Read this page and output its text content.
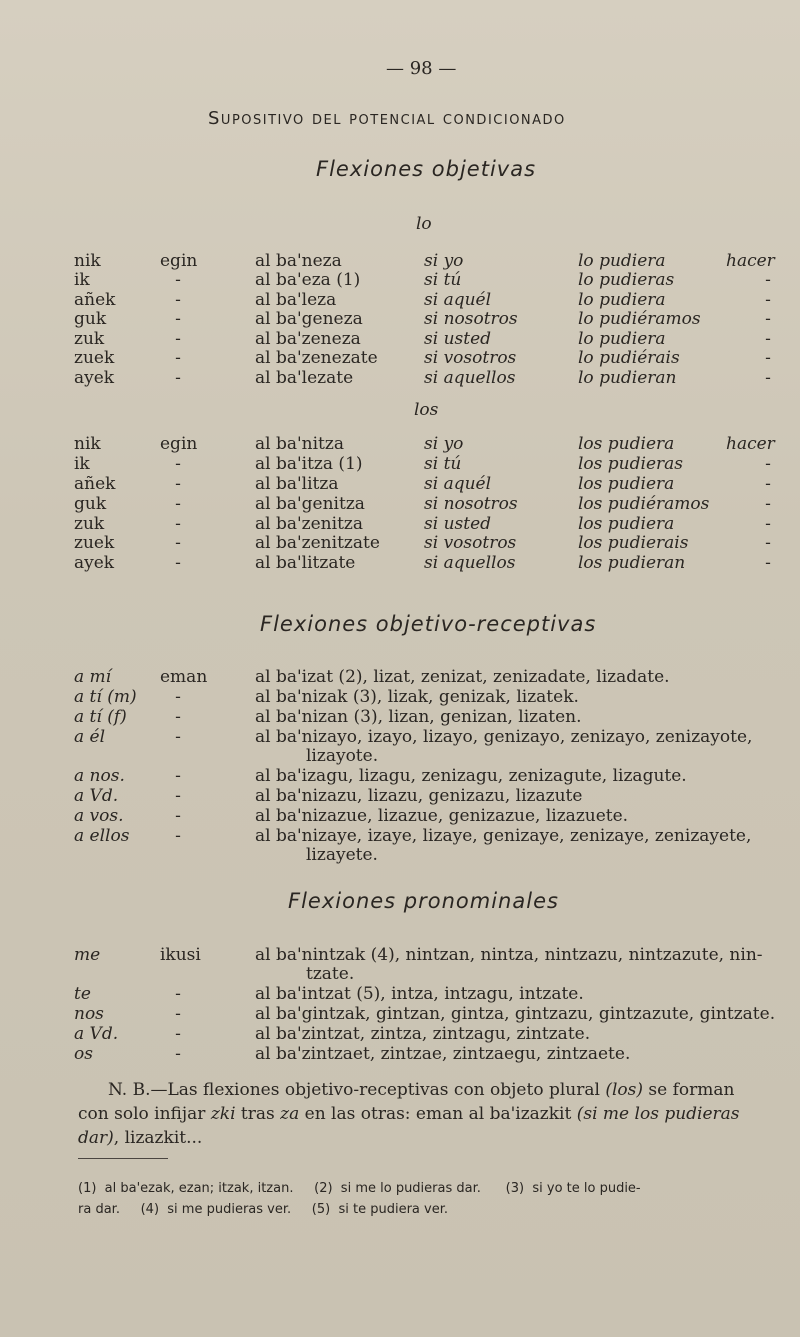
— 98 —
Supositivo del potencial condicionado
Flexiones objetivas
lo
nik	egin	al ba'neza	si yo	lo pudiera	hacer
ik	-	al ba'eza (1)	si tú	lo pudieras	-
añek	-	al ba'leza	si aquél	lo pudiera	-
guk	-	al ba'geneza	si nosotros	lo pudiéramos	-
zuk	-	al ba'zeneza	si usted	lo pudiera	-
zuek	-	al ba'zenezate	si vosotros	lo pudiérais	-
ayek	-	al ba'lezate	si aquellos	lo pudieran	-
los
nik	egin	al ba'nitza	si yo	los pudiera	hacer
ik	-	al ba'itza (1)	si tú	los pudieras	-
añek	-	al ba'litza	si aquél	los pudiera	-
guk	-	al ba'genitza	si nosotros	los pudiéramos	-
zuk	-	al ba'zenitza	si usted	los pudiera	-
zuek	-	al ba'zenitzate	si vosotros	los pudierais	-
ayek	-	al ba'litzate	si aquellos	los pudieran	-
Flexiones objetivo-receptivas
a mí	eman	al ba'izat (2), lizat, zenizat, zenizadate, lizadate.
a tí (m)	-	al ba'nizak (3), lizak, genizak, lizatek.
a tí (f)	-	al ba'nizan (3), lizan, genizan, lizaten.
a él	-	al ba'nizayo, izayo, lizayo, genizayo, zenizayo, zenizayote,
lizayote.
a nos.	-	al ba'izagu, lizagu, zenizagu, zenizagute, lizagute.
a Vd.	-	al ba'nizazu, lizazu, genizazu, lizazute
a vos.	-	al ba'nizazue, lizazue, genizazue, lizazuete.
a ellos	-	al ba'nizaye, izaye, lizaye, genizaye, zenizaye, zenizayete,
lizayete.
Flexiones pronominales
me	ikusi	al ba'nintzak (4), nintzan, nintza, nintzazu, nintzazute, nin-
tzate.
te	-	al ba'intzat (5), intza, intzagu, intzate.
nos	-	al ba'gintzak, gintzan, gintza, gintzazu, gintzazute, gintzate.
a Vd.	-	al ba'zintzat, zintza, zintzagu, zintzate.
os	-	al ba'zintzaet, zintzae, zintzaegu, zintzaete.
N. B.—Las flexiones objetivo-receptivas con objeto plural (los) se forman
con solo infijar zki tras za en las otras: eman al ba'izazkit (si me los pudieras
dar), lizazkit...
(1)  al ba'ezak, ezan; itzak, itzan.     (2)  si me lo pudieras dar.      (3)  si yo te lo pudie-
ra dar.     (4)  si me pudieras ver.     (5)  si te pudiera ver.
